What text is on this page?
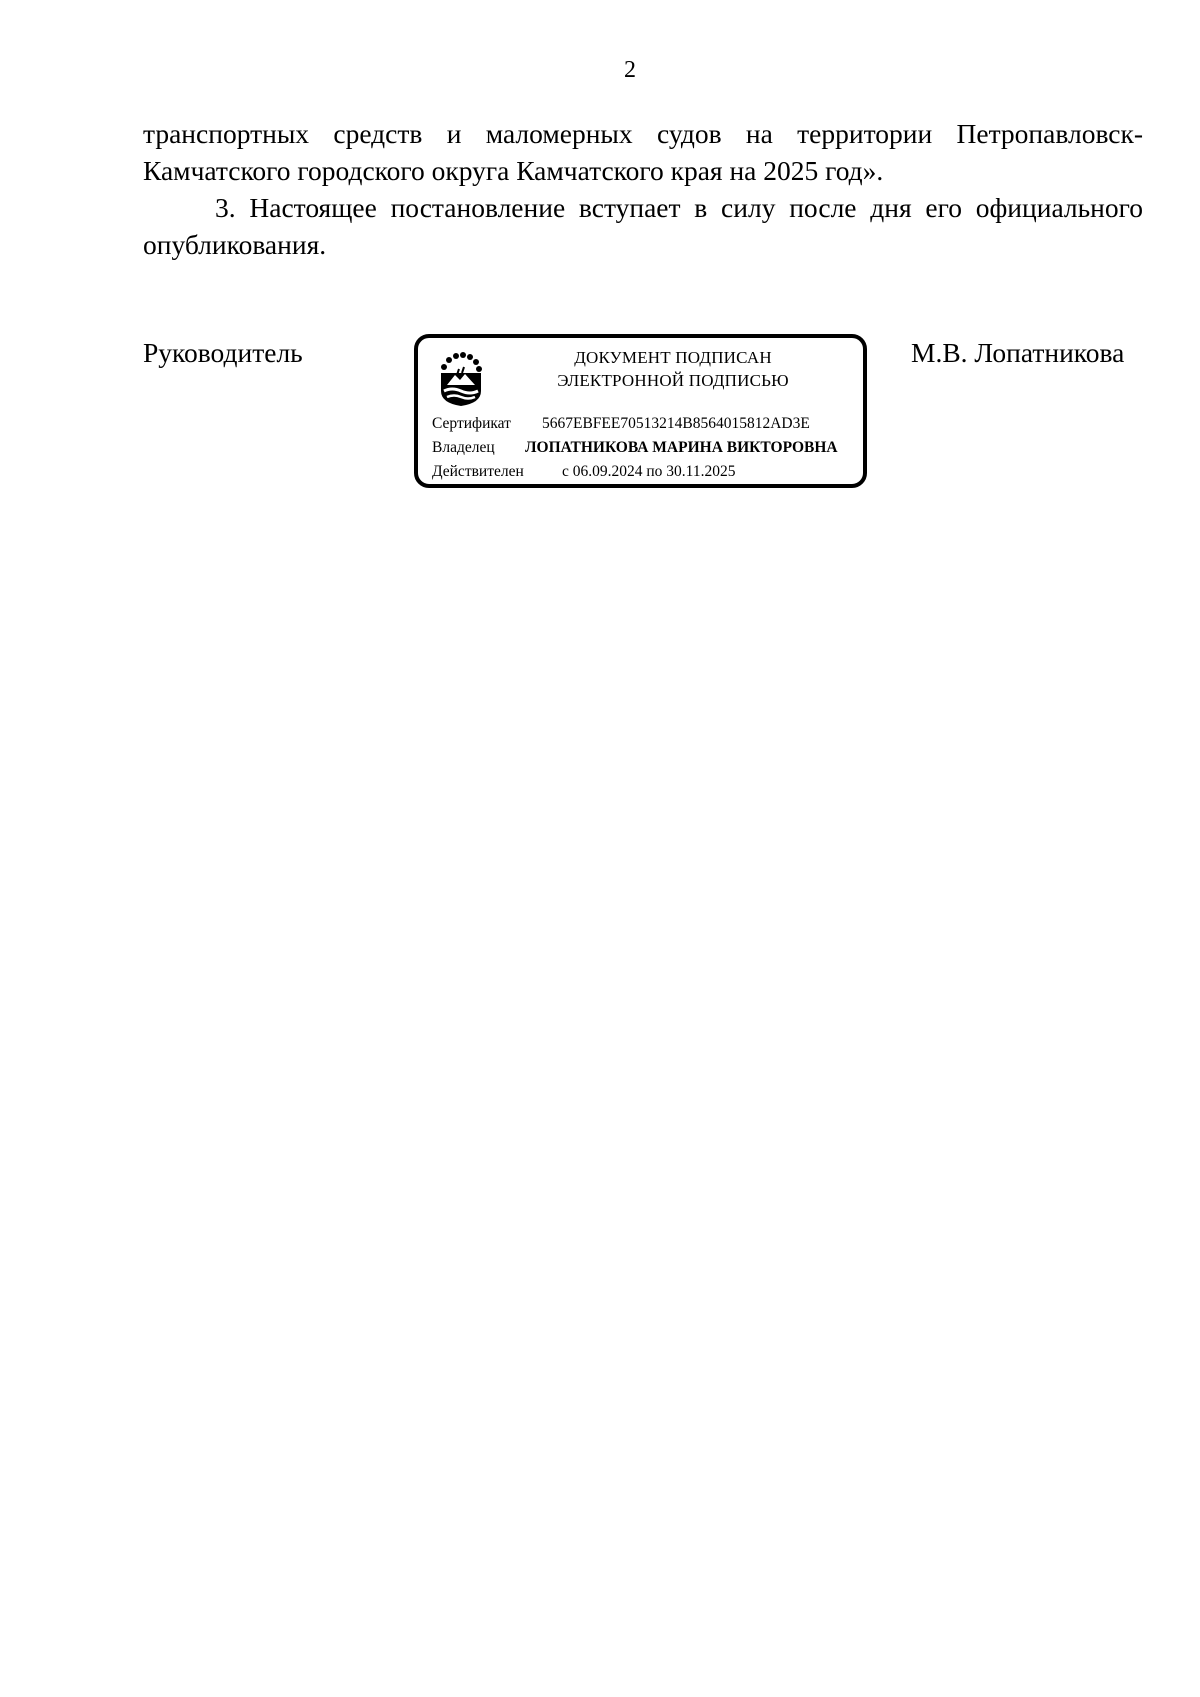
2

транспортных средств и маломерных судов на территории Петропавловск-Камчатского городского округа Камчатского края на 2025 год».

3. Настоящее постановление вступает в силу после дня его официального опубликования.

Руководитель	ДОКУМЕНТ ПОДПИСАН
ЭЛЕКТРОННОЙ ПОДПИСЬЮ
Сертификат 5667EBFEE70513214B8564015812AD3E
Владелец ЛОПАТНИКОВА МАРИНА ВИКТОРОВНА
Действителен с 06.09.2024 по 30.11.2025
М.В. Лопатникова
